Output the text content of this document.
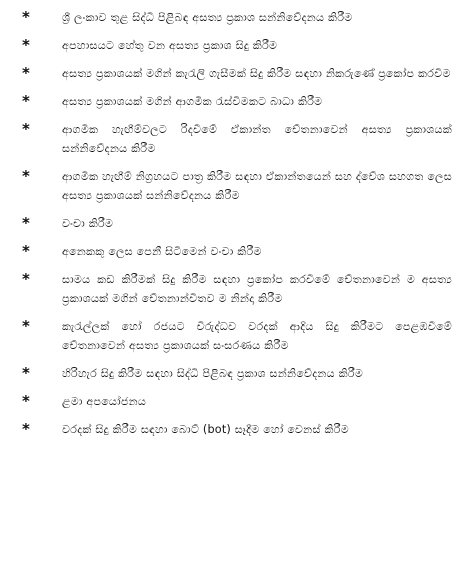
*	ශ්‍රී ලංකාව තුළ සිද්ධි පිළිබඳ අසත්‍ය ප්‍රකාශ සන්නිවේදනය කිරීම
*	අපහාසයට හේතු වන අසත්‍ය ප්‍රකාශ සිදු කිරීම
*	අසත්‍ය ප්‍රකාශයක් මගින් කැරැලි ගැසීමක් සිදු කිරීම සඳහා නිකරුණේ ප්‍රකෝප කරවීම
*	අසත්‍ය ප්‍රකාශයක් මගින් ආගමික රැස්වීමකට බාධා කිරීම
*	ආගමික හැඟීම්වලට රිදවීමේ ඒකාන්ත චේතනාවෙන් අසත්‍ය ප්‍රකාශයක් සන්නිවේදනය කිරීම
*	ආගමික හැඟීම් නිග්‍රහයට පාත්‍ර කිරීම සඳහා ඒකාන්තයෙන් සහ ද්වේශ සහගත ලෙස අසත්‍ය ප්‍රකාශයක් සන්නිවේදනය කිරීම
*	වංචා කිරීම
*	අනෙකකු ලෙස පෙනී සිටීමෙන් වංචා කිරීම
*	සාමය කඩ කිරීමක් සිදු කිරීම සඳහා ප්‍රකෝප කරවීමේ චේතනාවෙන් ම අසත්‍ය ප්‍රකාශයක් මගින් චේතනාන්විතව ම නින්දා කිරීම
*	කැරැල්ලක් හෝ රජයට විරුද්ධව වරදක් ආදිය සිදු කිරීමට පෙළඹවීමේ චේතනාවෙන් අසත්‍ය ප්‍රකාශයක් සංසරණය කිරීම
*	හිරිහැර සිදු කිරීම සඳහා සිද්ධි පිළිබඳ ප්‍රකාශ සන්නිවේදනය කිරීම
*	ළමා අපයෝජනය
*	වරදක් සිදු කිරීම සඳහා බොට් (bot) සෑදීම හෝ වෙනස් කිරීම
